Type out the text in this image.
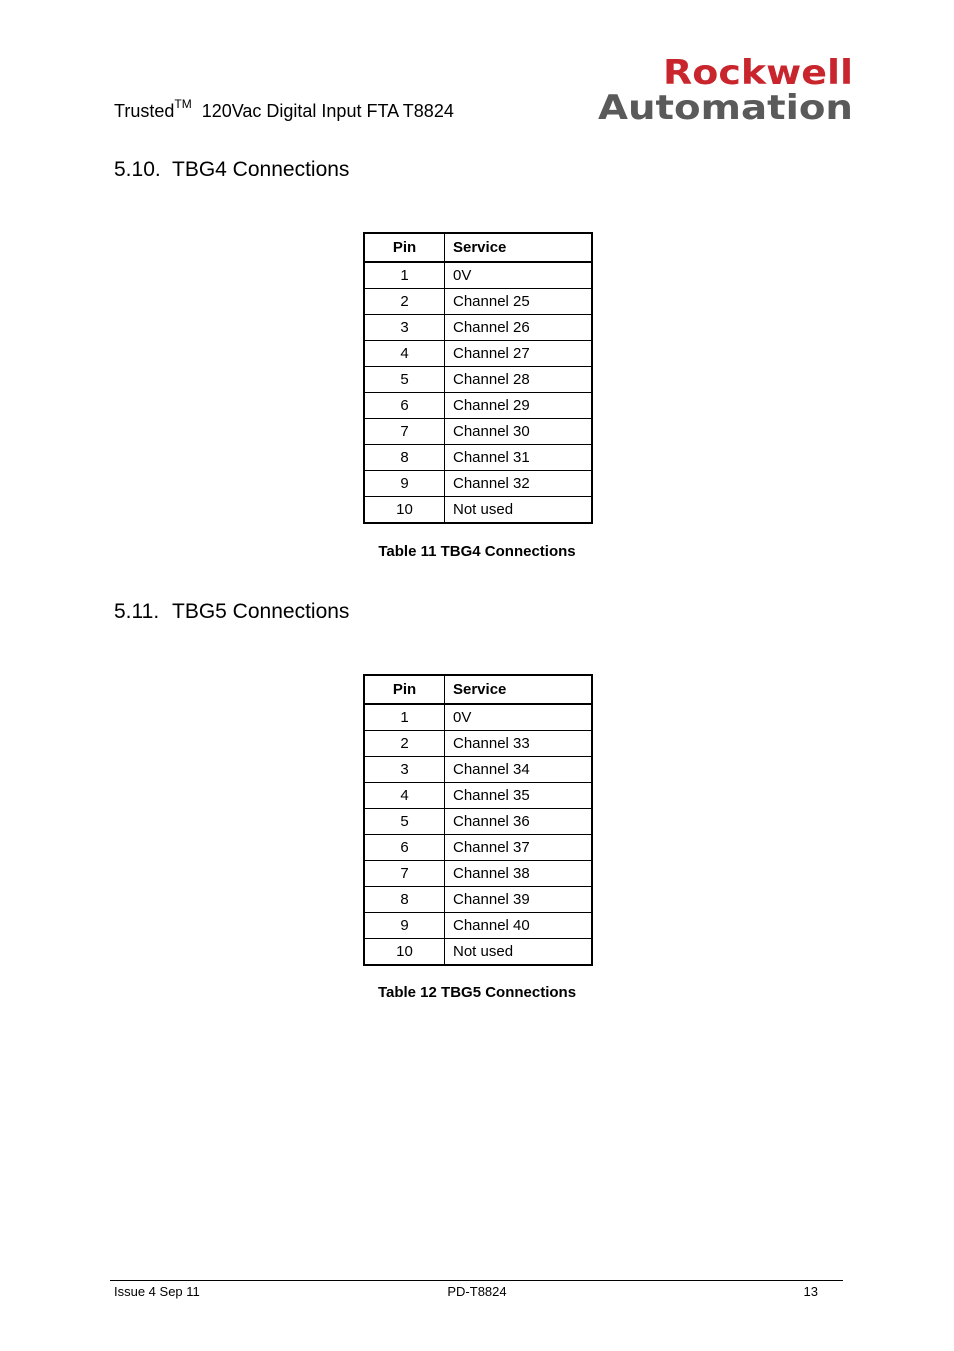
Trusted™ 120Vac Digital Input FTA T8824
Rockwell
Automation
5.10. TBG4 Connections
Pin	Service
1	0V
2	Channel 25
3	Channel 26
4	Channel 27
5	Channel 28
6	Channel 29
7	Channel 30
8	Channel 31
9	Channel 32
10	Not used
Table 11 TBG4 Connections
5.11. TBG5 Connections
Pin	Service
1	0V
2	Channel 33
3	Channel 34
4	Channel 35
5	Channel 36
6	Channel 37
7	Channel 38
8	Channel 39
9	Channel 40
10	Not used
Table 12 TBG5 Connections
Issue 4 Sep 11	PD-T8824	13
